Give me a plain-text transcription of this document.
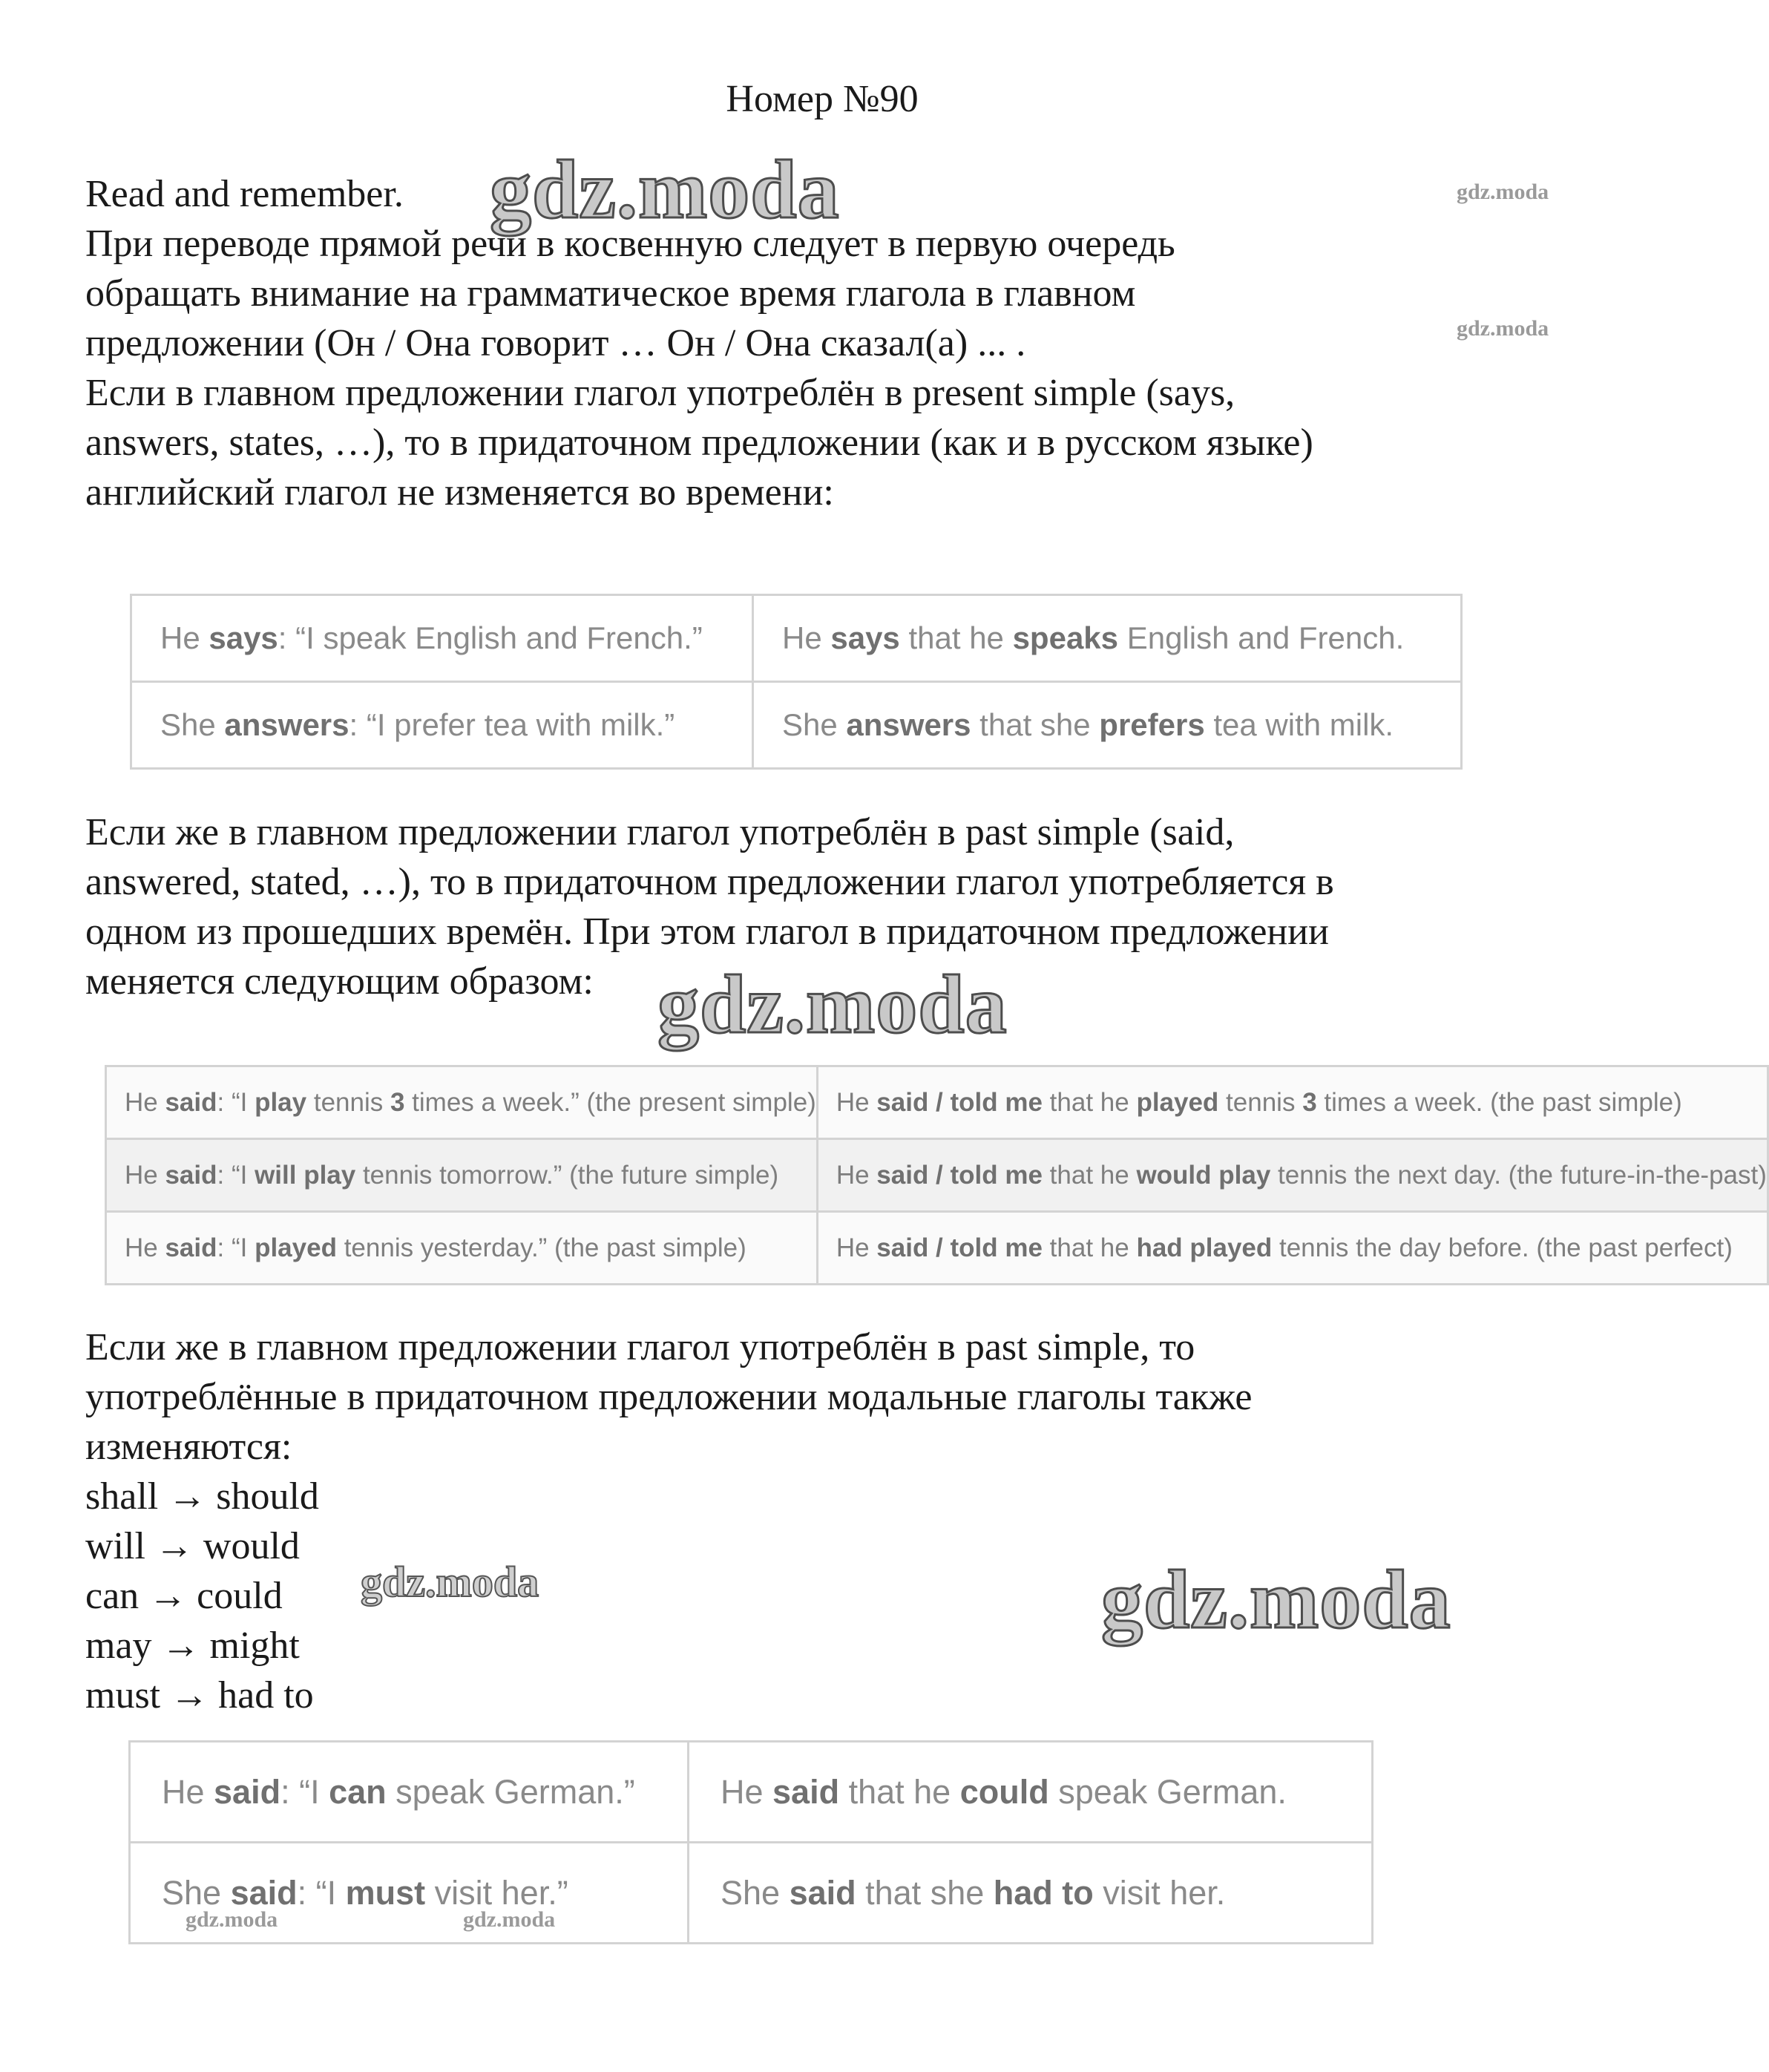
Номер №90
Read and remember.
При переводе прямой речи в косвенную следует в первую очередь
обращать внимание на грамматическое время глагола в главном
предложении (Он / Она говорит … Он / Она сказал(а) ... .
Если в главном предложении глагол употреблён в present simple (says,
answers, states, …), то в придаточном предложении (как и в русском языке)
английский глагол не изменяется во времени:
He says: “I speak English and French.”	He says that he speaks English and French.
She answers: “I prefer tea with milk.”	She answers that she prefers tea with milk.
Если же в главном предложении глагол употреблён в past simple (said,
answered, stated, …), то в придаточном предложении глагол употребляется в
одном из прошедших времён. При этом глагол в придаточном предложении
меняется следующим образом:
He said: “I play tennis 3 times a week.” (the present simple)	He said / told me that he played tennis 3 times a week. (the past simple)
He said: “I will play tennis tomorrow.” (the future simple)	He said / told me that he would play tennis the next day. (the future-in-the-past)
He said: “I played tennis yesterday.” (the past simple)	He said / told me that he had played tennis the day before. (the past perfect)
Если же в главном предложении глагол употреблён в past simple, то
употреблённые в придаточном предложении модальные глаголы также
изменяются:
shall → should
will → would
can → could
may → might
must → had to
He said: “I can speak German.”	He said that he could speak German.
She said: “I must visit her.”	She said that she had to visit her.
gdz.moda	gdz.moda
gdz.moda
gdz.moda
gdz.moda	gdz.moda
gdz.moda	gdz.moda
